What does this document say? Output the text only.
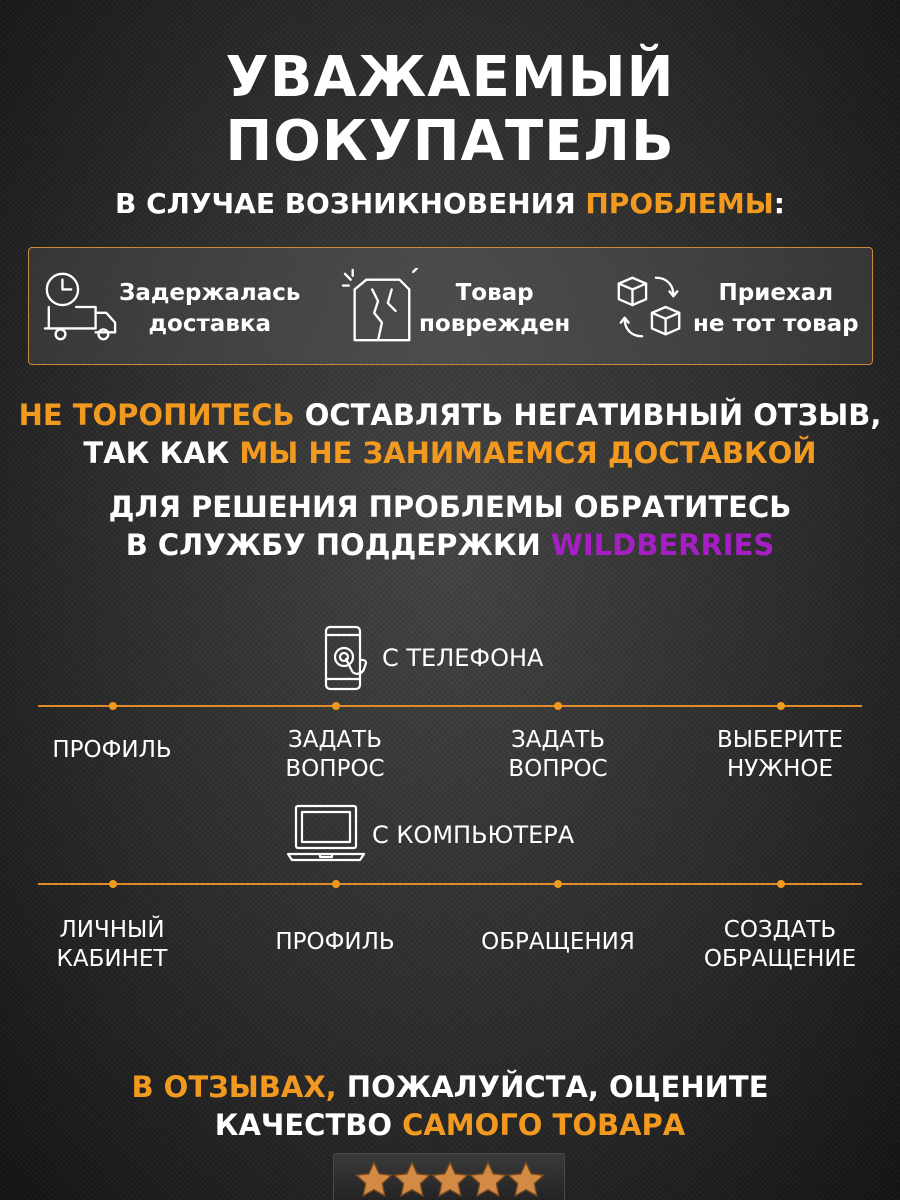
УВАЖАЕМЫЙ
ПОКУПАТЕЛЬ
В СЛУЧАЕ ВОЗНИКНОВЕНИЯ ПРОБЛЕМЫ:
Задержалась
доставка
Товар
поврежден
Приехал
не тот товар
НЕ ТОРОПИТЕСЬ ОСТАВЛЯТЬ НЕГАТИВНЫЙ ОТЗЫВ,
ТАК КАК МЫ НЕ ЗАНИМАЕМСЯ ДОСТАВКОЙ
ДЛЯ РЕШЕНИЯ ПРОБЛЕМЫ ОБРАТИТЕСЬ
В СЛУЖБУ ПОДДЕРЖКИ WILDBERRIES
С ТЕЛЕФОНА
ПРОФИЛЬ	ЗАДАТЬ
ВОПРОС
ЗАДАТЬ
ВОПРОС
ВЫБЕРИТЕ
НУЖНОЕ
С КОМПЬЮТЕРА
ЛИЧНЫЙ
КАБИНЕТ
ПРОФИЛЬ	ОБРАЩЕНИЯ	СОЗДАТЬ
ОБРАЩЕНИЕ
В ОТЗЫВАХ, ПОЖАЛУЙСТА, ОЦЕНИТЕ
КАЧЕСТВО САМОГО ТОВАРА
